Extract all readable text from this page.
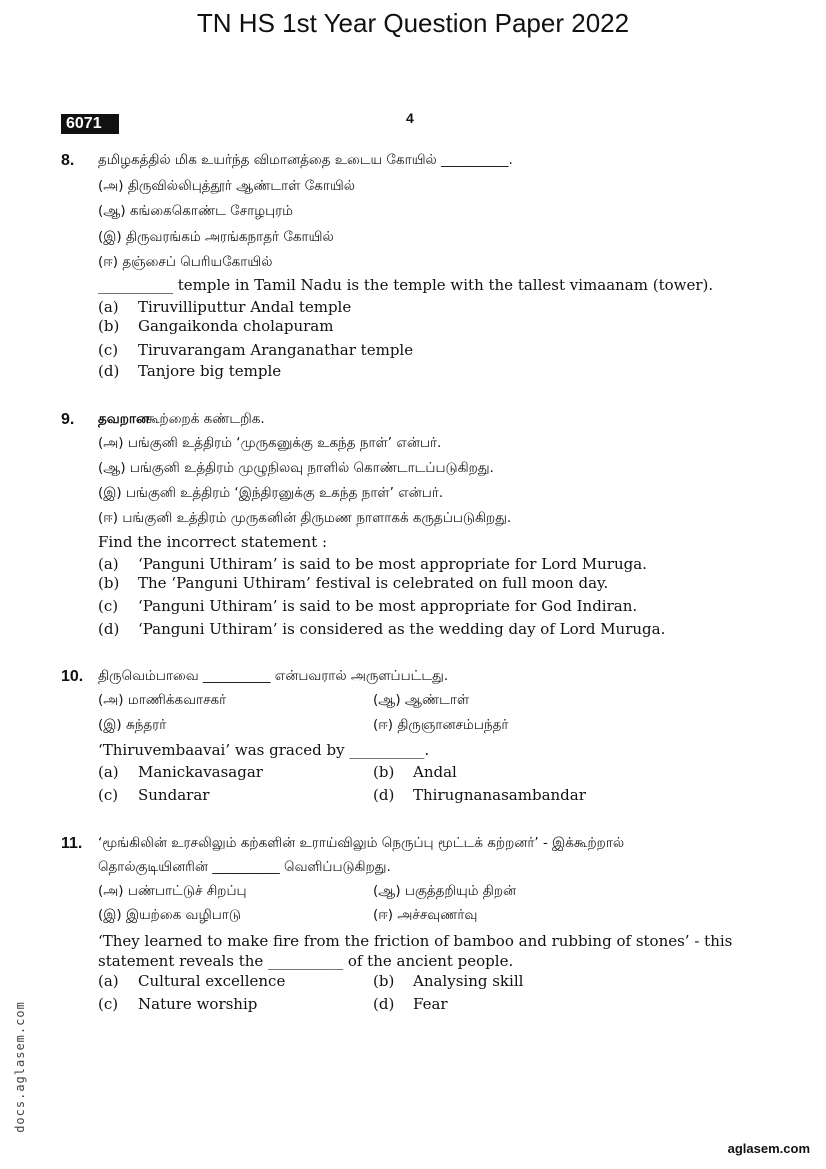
TN HS 1st Year Question Paper 2022
6071	4
8. தமிழகத்தில் மிக உயர்ந்த விமானத்தை உடைய கோயில் __________.
(அ) திருவில்லிபுத்தூர் ஆண்டாள் கோயில்
(ஆ) கங்கைகொண்ட சோழபுரம்
(இ) திருவரங்கம் அரங்கநாதர் கோயில்
(ஈ) தஞ்சைப் பெரியகோயில்
__________ temple in Tamil Nadu is the temple with the tallest vimaanam (tower).
(a) Tiruvilliputtur Andal temple
(b) Gangaikonda cholapuram
(c) Tiruvarangam Aranganathar temple
(d) Tanjore big temple
9. தவறான
கூற்றைக் கண்டறிக.
(அ) பங்குனி உத்திரம் ‘முருகனுக்கு உகந்த நாள்’ என்பர்.
(ஆ) பங்குனி உத்திரம் முழுநிலவு நாளில் கொண்டாடப்படுகிறது.
(இ) பங்குனி உத்திரம் ‘இந்திரனுக்கு உகந்த நாள்’ என்பர்.
(ஈ) பங்குனி உத்திரம் முருகனின் திருமண நாளாகக் கருதப்படுகிறது.
Find the incorrect statement :
(a) ‘Panguni Uthiram’ is said to be most appropriate for Lord Muruga.
(b) The ‘Panguni Uthiram’ festival is celebrated on full moon day.
(c) ‘Panguni Uthiram’ is said to be most appropriate for God Indiran.
(d) ‘Panguni Uthiram’ is considered as the wedding day of Lord Muruga.
10. திருவெம்பாவை __________ என்பவரால் அருளப்பட்டது.
(அ) மாணிக்கவாசகர்	(ஆ) ஆண்டாள்
(இ) சுந்தரர்	(ஈ) திருஞானசம்பந்தர்
‘Thiruvembaavai’ was graced by __________.
(a) Manickavasagar	(b) Andal
(c) Sundarar	(d) Thirugnanasambandar
11. ‘மூங்கிலின் உரசலிலும் கற்களின் உராய்விலும் நெருப்பு மூட்டக் கற்றனர்’ - இக்கூற்றால்
தொல்குடியினரின் __________ வெளிப்படுகிறது.
(அ) பண்பாட்டுச் சிறப்பு	(ஆ) பகுத்தறியும் திறன்
(இ) இயற்கை வழிபாடு	(ஈ) அச்சவுணர்வு
‘They learned to make fire from the friction of bamboo and rubbing of stones’ - this
statement reveals the __________ of the ancient people.
(a) Cultural excellence	(b) Analysing skill
(c) Nature worship	(d) Fear
docs.aglasem.com
aglasem.com
